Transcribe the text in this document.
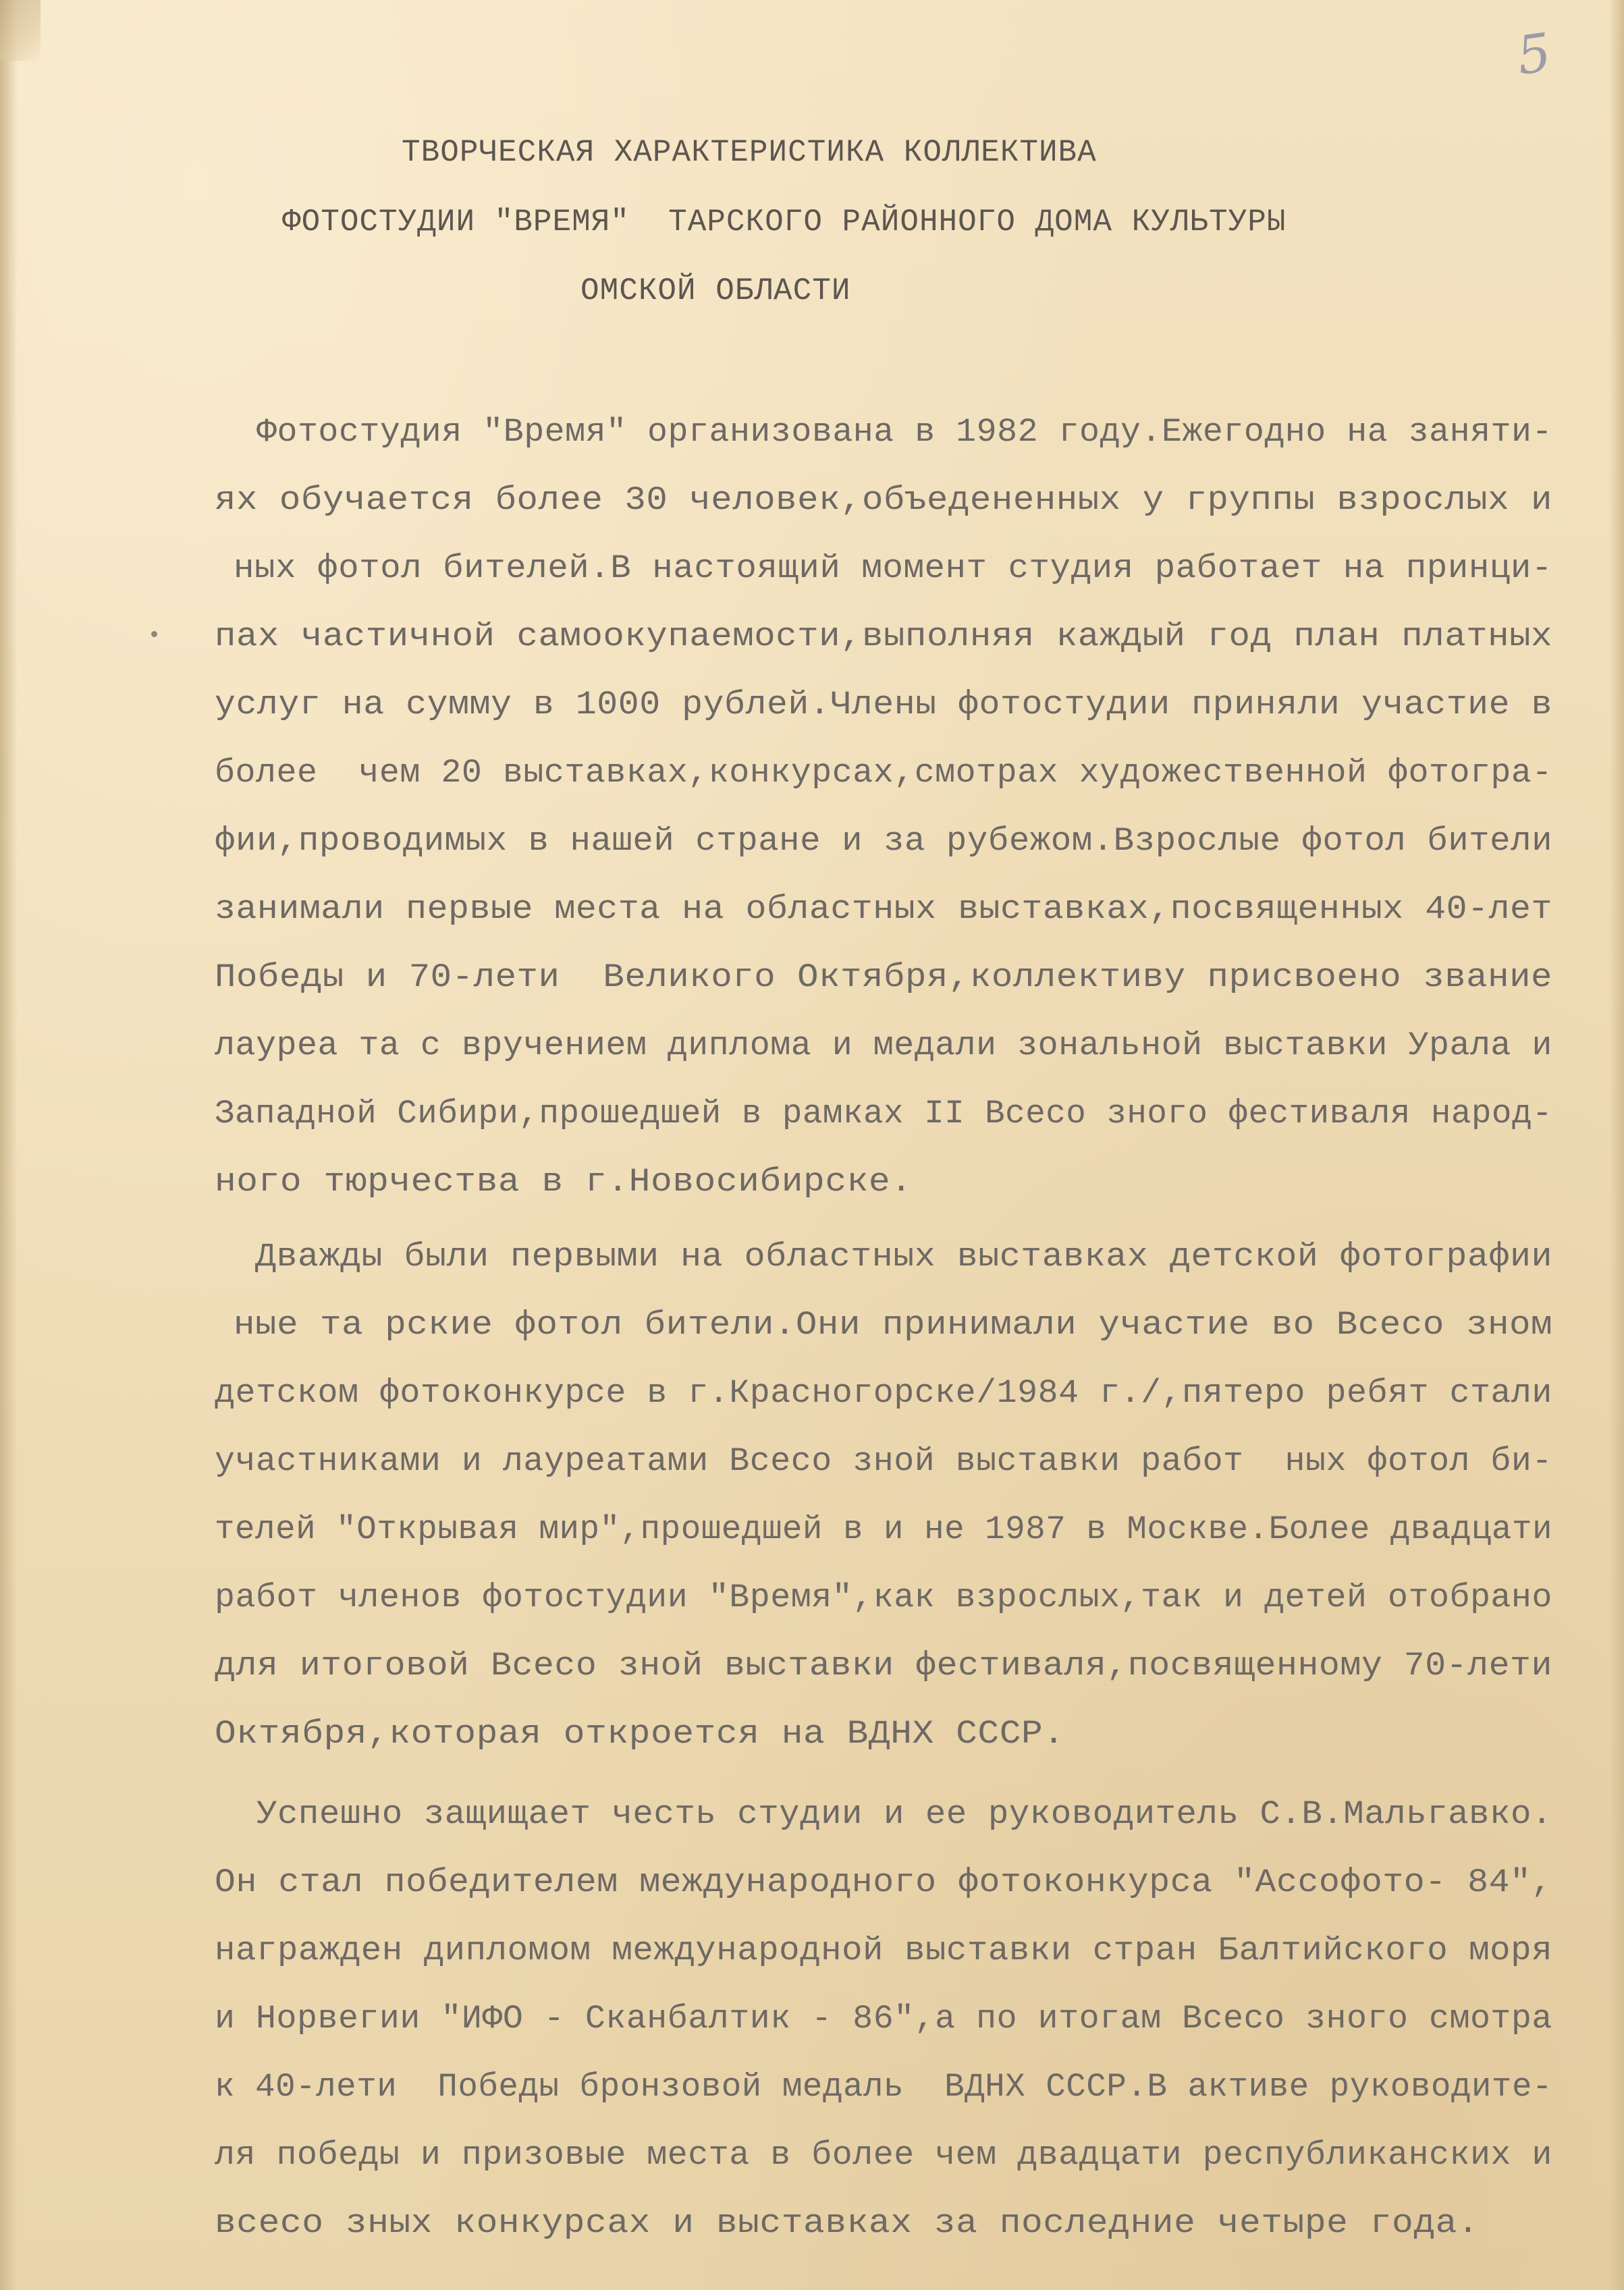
5

ТВОРЧЕСКАЯ ХАРАКТЕРИСТИКА КОЛЛЕКТИВА
ФОТОСТУДИИ "ВРЕМЯ"  ТАРСКОГО РАЙОННОГО ДОМА КУЛЬТУРЫ
ОМСКОЙ ОБЛАСТИ
Фотостудия "Время" организована в 1982 году.Ежегодно на заняти-
ях обучается более 30 человек,объедененных у группы взрослых и
ных фотол бителей.В настоящий момент студия работает на принци-
пах частичной самоокупаемости,выполняя каждый год план платных
услуг на сумму в 1000 рублей.Члены фотостудии приняли участие в
более  чем 20 выставках,конкурсах,смотрах художественной фотогра-
фии,проводимых в нашей стране и за рубежом.Взрослые фотол бители
занимали первые места на областных выставках,посвященных 40-лет
Победы и 70-лети  Великого Октября,коллективу присвоено звание
лауреа та с вручением диплома и медали зональной выставки Урала и
Западной Сибири,прошедшей в рамках II Всесо зного фестиваля народ-
ного тюрчества в г.Новосибирске.
Дважды были первыми на областных выставках детской фотографии
ные та рские фотол бители.Они принимали участие во Всесо зном
детском фотоконкурсе в г.Красногорске/1984 г./,пятеро ребят стали
участниками и лауреатами Всесо зной выставки работ  ных фотол би-
телей "Открывая мир",прошедшей в и не 1987 в Москве.Более двадцати
работ членов фотостудии "Время",как взрослых,так и детей отобрано
для итоговой Всесо зной выставки фестиваля,посвященному 70-лети
Октября,которая откроется на ВДНХ СССР.
Успешно защищает честь студии и ее руководитель С.В.Мальгавко.
Он стал победителем международного фотоконкурса "Ассофото- 84",
награжден дипломом международной выставки стран Балтийского моря
и Норвегии "ИФО - Сканбалтик - 86",а по итогам Всесо зного смотра
к 40-лети  Победы бронзовой медаль  ВДНХ СССР.В активе руководите-
ля победы и призовые места в более чем двадцати республиканских и
всесо зных конкурсах и выставках за последние четыре года.
